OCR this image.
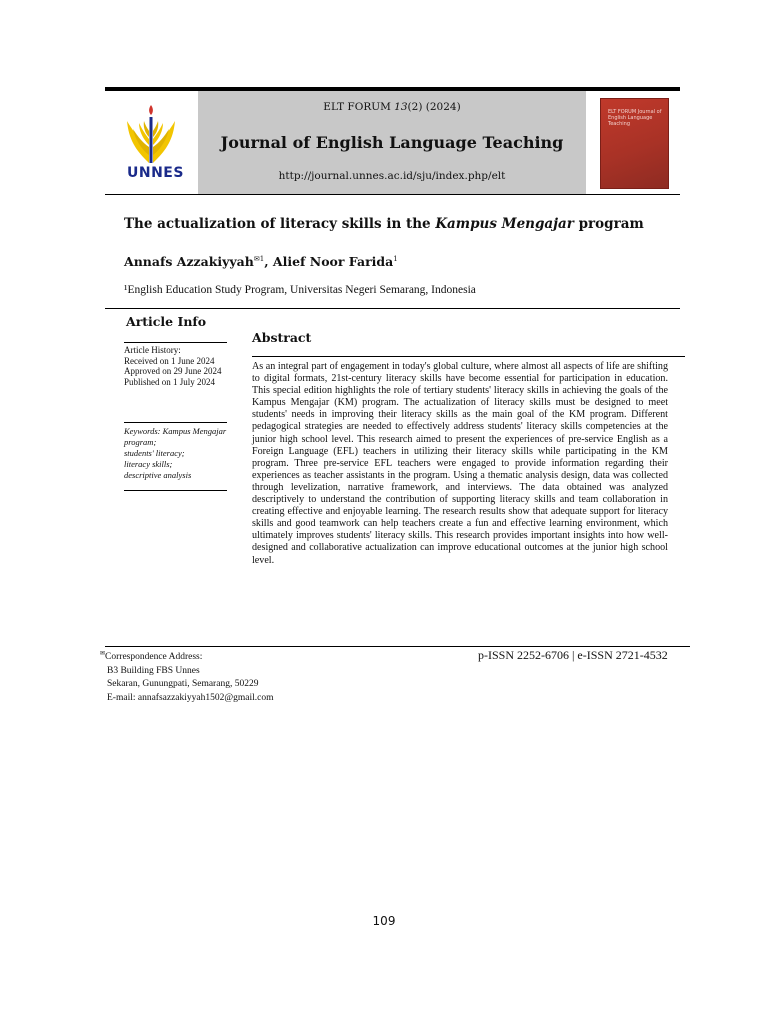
UNNES
ELT FORUM 13(2) (2024)
Journal of English Language Teaching
http://journal.unnes.ac.id/sju/index.php/elt
ELT FORUM Journal of English Language Teaching
The actualization of literacy skills in the Kampus Mengajar program
Annafs Azzakiyyah$^{✉1}$, Alief Noor Farida$^1$
¹English Education Study Program, Universitas Negeri Semarang, Indonesia
Article Info
Article History:
Received on 1 June 2024
Approved on 29 June 2024
Published on 1 July 2024
Keywords: Kampus Mengajar program;
students' literacy;
literacy skills;
descriptive analysis
Abstract
As an integral part of engagement in today's global culture, where almost all aspects of life are shifting to digital formats, 21st-century literacy skills have become essential for participation in education. This special edition highlights the role of tertiary students' literacy skills in achieving the goals of the Kampus Mengajar (KM) program. The actualization of literacy skills must be designed to meet students' needs in improving their literacy skills as the main goal of the KM program. Different pedagogical strategies are needed to effectively address students' literacy skills competencies at the junior high school level. This research aimed to present the experiences of pre-service English as a Foreign Language (EFL) teachers in utilizing their literacy skills while participating in the KM program. Three pre-service EFL teachers were engaged to provide information regarding their experiences as teacher assistants in the program. Using a thematic analysis design, data was collected through levelization, narrative framework, and interviews. The data obtained was analyzed descriptively to understand the contribution of supporting literacy skills and team collaboration in creating effective and enjoyable learning. The research results show that adequate support for literacy skills and good teamwork can help teachers create a fun and effective learning environment, which ultimately improves students' literacy skills. This research provides important insights into how well-designed and collaborative actualization can improve educational outcomes at the junior high school level.
✉Correspondence Address:
B3 Building FBS Unnes
Sekaran, Gunungpati, Semarang, 50229
E-mail: annafsazzakiyyah1502@gmail.com
p-ISSN 2252-6706 | e-ISSN 2721-4532
109
